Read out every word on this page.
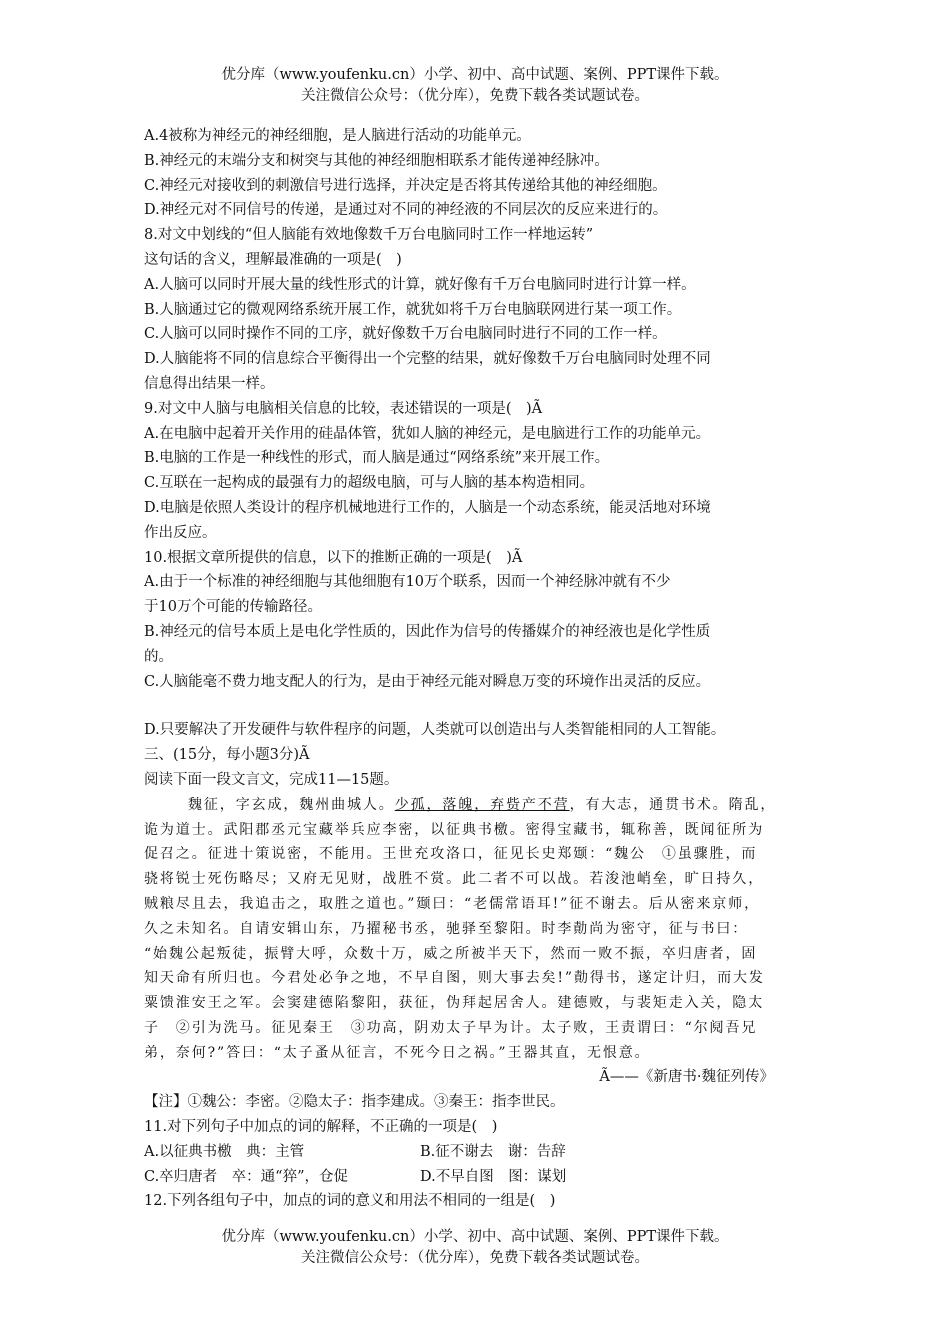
优分库（www.youfenku.cn）小学、初中、高中试题、案例、PPT课件下载。
关注微信公众号：（优分库），免费下载各类试题试卷。
A.4被称为神经元的神经细胞，是人脑进行活动的功能单元。
B.神经元的末端分支和树突与其他的神经细胞相联系才能传递神经脉冲。
C.神经元对接收到的刺激信号进行选择，并决定是否将其传递给其他的神经细胞。
D.神经元对不同信号的传递，是通过对不同的神经液的不同层次的反应来进行的。
8.对文中划线的“但人脑能有效地像数千万台电脑同时工作一样地运转”
这句话的含义，理解最准确的一项是(　)
A.人脑可以同时开展大量的线性形式的计算，就好像有千万台电脑同时进行计算一样。
B.人脑通过它的微观网络系统开展工作，就犹如将千万台电脑联网进行某一项工作。
C.人脑可以同时操作不同的工序，就好像数千万台电脑同时进行不同的工作一样。
D.人脑能将不同的信息综合平衡得出一个完整的结果，就好像数千万台电脑同时处理不同
信息得出结果一样。
9.对文中人脑与电脑相关信息的比较，表述错误的一项是(　)Ã
A.在电脑中起着开关作用的硅晶体管，犹如人脑的神经元，是电脑进行工作的功能单元。
B.电脑的工作是一种线性的形式，而人脑是通过“网络系统”来开展工作。
C.互联在一起构成的最强有力的超级电脑，可与人脑的基本构造相同。
D.电脑是依照人类设计的程序机械地进行工作的，人脑是一个动态系统，能灵活地对环境
作出反应。
10.根据文章所提供的信息，以下的推断正确的一项是(　)Ã
A.由于一个标准的神经细胞与其他细胞有10万个联系，因而一个神经脉冲就有不少
于10万个可能的传输路径。
B.神经元的信号本质上是电化学性质的，因此作为信号的传播媒介的神经液也是化学性质
的。
C.人脑能毫不费力地支配人的行为，是由于神经元能对瞬息万变的环境作出灵活的反应。
D.只要解决了开发硬件与软件程序的问题，人类就可以创造出与人类智能相同的人工智能。
三、(15分，每小题3分)Ã
阅读下面一段文言文，完成11—15题。
魏征，字玄成，魏州曲城人。少孤，落魄，弃赀产不营，有大志，通贯书术。隋乱，
诡为道士。武阳郡丞元宝藏举兵应李密，以征典书檄。密得宝藏书，辄称善，既闻征所为
促召之。征进十策说密，不能用。王世充攻洛口，征见长史郑颋：“魏公　①虽骤胜，而
骁将锐士死伤略尽；又府无见财，战胜不赏。此二者不可以战。若浚池峭垒，旷日持久，
贼粮尽且去，我追击之，取胜之道也。”颋曰：“老儒常语耳!”征不谢去。后从密来京师，
久之未知名。自请安辑山东，乃擢秘书丞，驰驿至黎阳。时李勣尚为密守，征与书曰：
“始魏公起叛徒，振臂大呼，众数十万，威之所被半天下，然而一败不振，卒归唐者，固
知天命有所归也。今君处必争之地，不早自图，则大事去矣!”勣得书，遂定计归，而大发
粟馈淮安王之军。会窦建德陷黎阳，获征，伪拜起居舍人。建德败，与裴矩走入关，隐太
子　②引为洗马。征见秦王　③功高，阴劝太子早为计。太子败，王责谓曰：“尔阋吾兄
弟，奈何?”答曰：“太子蚤从征言，不死今日之祸。”王器其直，无恨意。
Ã——《新唐书·魏征列传》
【注】①魏公：李密。②隐太子：指李建成。③秦王：指李世民。
11.对下列句子中加点的词的解释，不正确的一项是(　)
A.以征典书檄　典：主管	B.征不谢去　谢：告辞
C.卒归唐者　卒：通“猝”，仓促	D.不早自图　图：谋划
12.下列各组句子中，加点的词的意义和用法不相同的一组是(　)
优分库（www.youfenku.cn）小学、初中、高中试题、案例、PPT课件下载。
关注微信公众号：（优分库），免费下载各类试题试卷。
